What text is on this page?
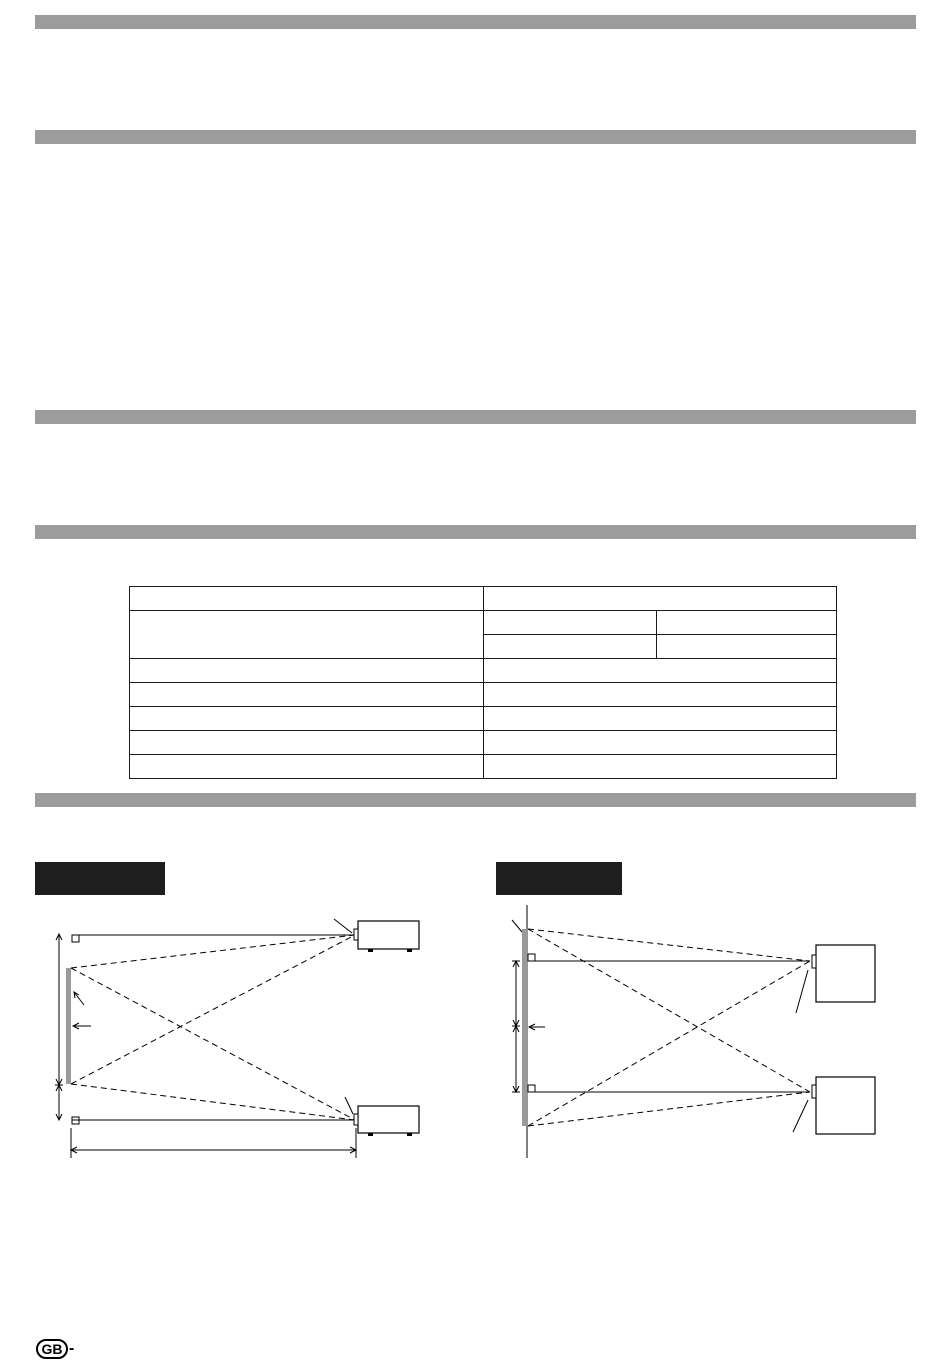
GB -
